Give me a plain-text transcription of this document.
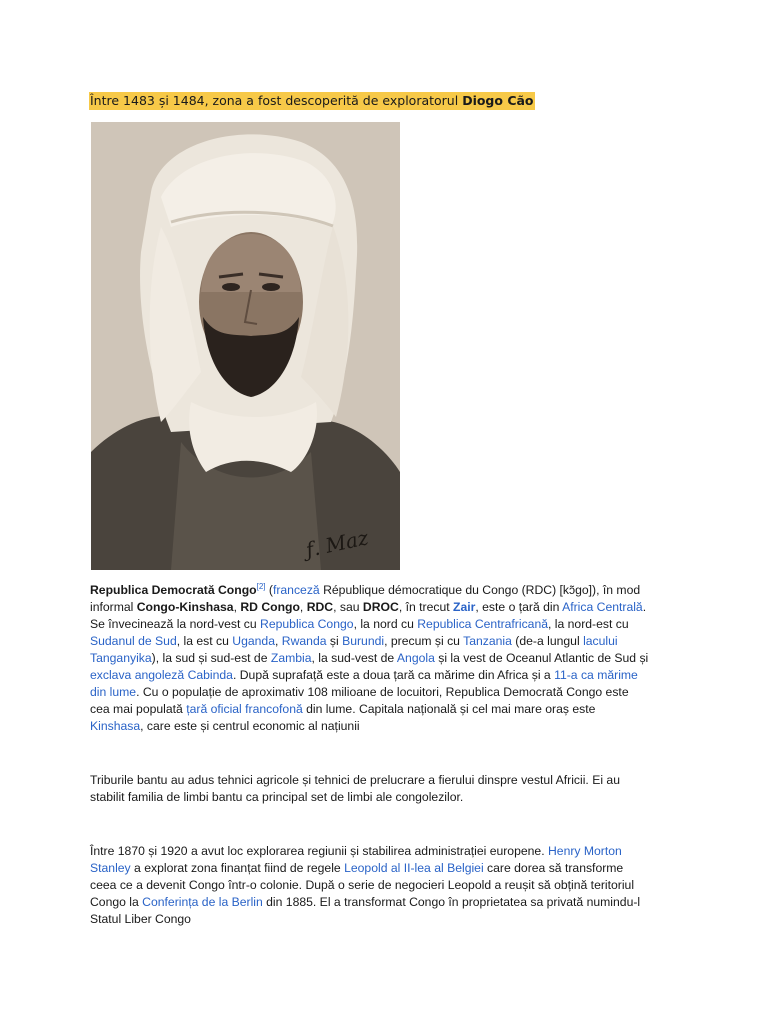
Între 1483 și 1484, zona a fost descoperită de exploratorul Diogo Cão
ƒ. Maz

Republica Democrată Congo[2] (franceză République démocratique du Congo (RDC) [kɔ̃go]), în mod informal Congo-Kinshasa, RD Congo, RDC, sau DROC, în trecut Zair, este o țară din Africa Centrală. Se învecinează la nord-vest cu Republica Congo, la nord cu Republica Centrafricană, la nord-est cu Sudanul de Sud, la est cu Uganda, Rwanda și Burundi, precum și cu Tanzania (de-a lungul lacului Tanganyika), la sud și sud-est de Zambia, la sud-vest de Angola și la vest de Oceanul Atlantic de Sud și exclava angoleză Cabinda. După suprafață este a doua țară ca mărime din Africa și a 11-a ca mărime din lume. Cu o populație de aproximativ 108 milioane de locuitori, Republica Democrată Congo este cea mai populată țară oficial francofonă din lume. Capitala națională și cel mai mare oraș este Kinshasa, care este și centrul economic al națiunii

Triburile bantu au adus tehnici agricole și tehnici de prelucrare a fierului dinspre vestul Africii. Ei au stabilit familia de limbi bantu ca principal set de limbi ale congolezilor.

Între 1870 și 1920 a avut loc explorarea regiunii și stabilirea administrației europene. Henry Morton Stanley a explorat zona finanțat fiind de regele Leopold al II-lea al Belgiei care dorea să transforme ceea ce a devenit Congo într-o colonie. După o serie de negocieri Leopold a reușit să obțină teritoriul Congo la Conferința de la Berlin din 1885. El a transformat Congo în proprietatea sa privată numindu-l Statul Liber Congo
